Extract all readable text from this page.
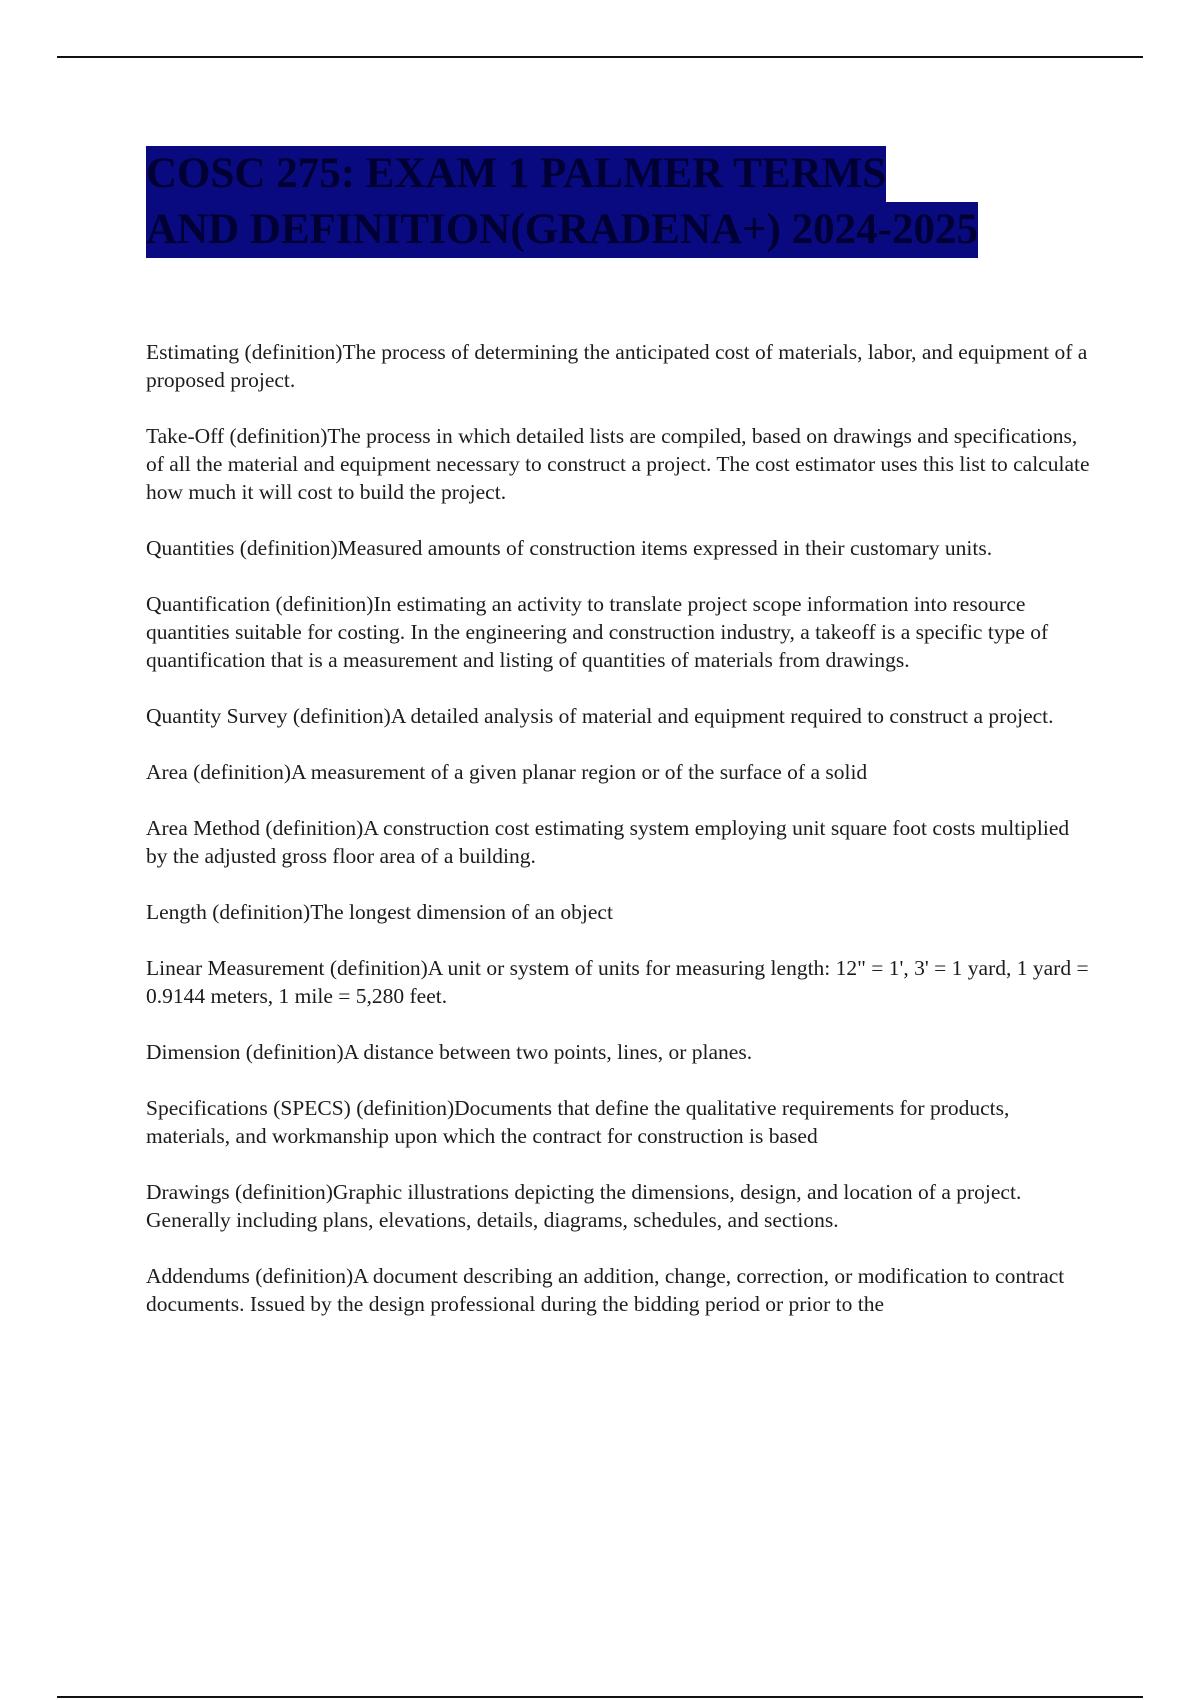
COSC 275: EXAM 1 PALMER TERMS
AND DEFINITION(GRADENA+) 2024-2025

Estimating (definition)The process of determining the anticipated cost of materials, labor, and equipment of a proposed project.

Take-Off (definition)The process in which detailed lists are compiled, based on drawings and specifications, of all the material and equipment necessary to construct a project. The cost estimator uses this list to calculate how much it will cost to build the project.

Quantities (definition)Measured amounts of construction items expressed in their customary units.

Quantification (definition)In estimating an activity to translate project scope information into resource quantities suitable for costing. In the engineering and construction industry, a takeoff is a specific type of quantification that is a measurement and listing of quantities of materials from drawings.

Quantity Survey (definition)A detailed analysis of material and equipment required to construct a project.

Area (definition)A measurement of a given planar region or of the surface of a solid

Area Method (definition)A construction cost estimating system employing unit square foot costs multiplied by the adjusted gross floor area of a building.

Length (definition)The longest dimension of an object

Linear Measurement (definition)A unit or system of units for measuring length: 12" = 1', 3' = 1 yard, 1 yard = 0.9144 meters, 1 mile = 5,280 feet.

Dimension (definition)A distance between two points, lines, or planes.

Specifications (SPECS) (definition)Documents that define the qualitative requirements for products, materials, and workmanship upon which the contract for construction is based

Drawings (definition)Graphic illustrations depicting the dimensions, design, and location of a project. Generally including plans, elevations, details, diagrams, schedules, and sections.

Addendums (definition)A document describing an addition, change, correction, or modification to contract documents. Issued by the design professional during the bidding period or prior to the
